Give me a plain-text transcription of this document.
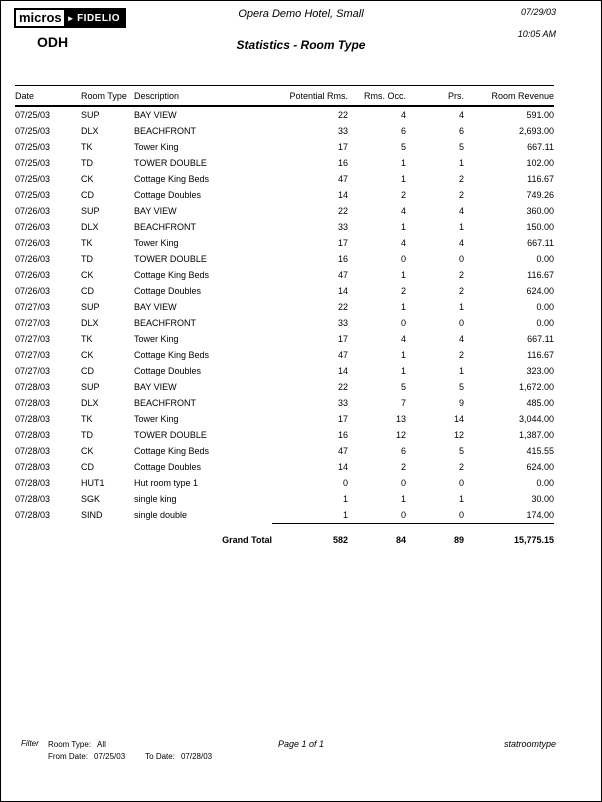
micros ► FIDELIO
ODH
Opera Demo Hotel, Small
Statistics - Room Type
07/29/03
10:05 AM
Date	Room Type	Description	Potential Rms.	Rms. Occ.	Prs.	Room Revenue
07/25/03	SUP	BAY VIEW	22	4	4	591.00
07/25/03	DLX	BEACHFRONT	33	6	6	2,693.00
07/25/03	TK	Tower King	17	5	5	667.11
07/25/03	TD	TOWER DOUBLE	16	1	1	102.00
07/25/03	CK	Cottage King Beds	47	1	2	116.67
07/25/03	CD	Cottage Doubles	14	2	2	749.26
07/26/03	SUP	BAY VIEW	22	4	4	360.00
07/26/03	DLX	BEACHFRONT	33	1	1	150.00
07/26/03	TK	Tower King	17	4	4	667.11
07/26/03	TD	TOWER DOUBLE	16	0	0	0.00
07/26/03	CK	Cottage King Beds	47	1	2	116.67
07/26/03	CD	Cottage Doubles	14	2	2	624.00
07/27/03	SUP	BAY VIEW	22	1	1	0.00
07/27/03	DLX	BEACHFRONT	33	0	0	0.00
07/27/03	TK	Tower King	17	4	4	667.11
07/27/03	CK	Cottage King Beds	47	1	2	116.67
07/27/03	CD	Cottage Doubles	14	1	1	323.00
07/28/03	SUP	BAY VIEW	22	5	5	1,672.00
07/28/03	DLX	BEACHFRONT	33	7	9	485.00
07/28/03	TK	Tower King	17	13	14	3,044.00
07/28/03	TD	TOWER DOUBLE	16	12	12	1,387.00
07/28/03	CK	Cottage King Beds	47	6	5	415.55
07/28/03	CD	Cottage Doubles	14	2	2	624.00
07/28/03	HUT1	Hut room type 1	0	0	0	0.00
07/28/03	SGK	single king	1	1	1	30.00
07/28/03	SIND	single double	1	0	0	174.00
Grand Total			582	84	89	15,775.15
Filter Room Type: All
From Date: 07/25/03	To Date: 07/28/03
Page 1 of 1	statroomtype
